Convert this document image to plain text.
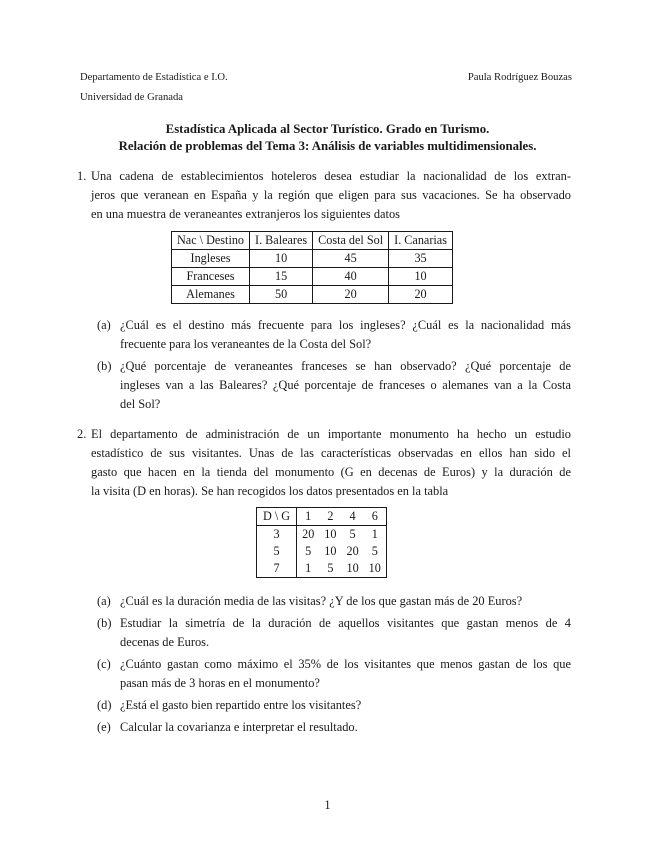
Departamento de Estadística e I.O.
Universidad de Granada
Paula Rodríguez Bouzas
Estadística Aplicada al Sector Turístico. Grado en Turismo.
Relación de problemas del Tema 3: Análisis de variables multidimensionales.
1. Una cadena de establecimientos hoteleros desea estudiar la nacionalidad de los extran-
jeros que veranean en España y la región que eligen para sus vacaciones. Se ha observado
en una muestra de veraneantes extranjeros los siguientes datos
Nac \ Destino	I. Baleares	Costa del Sol	I. Canarias
Ingleses	10	45	35
Franceses	15	40	10
Alemanes	50	20	20
(a) ¿Cuál es el destino más frecuente para los ingleses? ¿Cuál es la nacionalidad más
frecuente para los veraneantes de la Costa del Sol?
(b) ¿Qué porcentaje de veraneantes franceses se han observado? ¿Qué porcentaje de
ingleses van a las Baleares? ¿Qué porcentaje de franceses o alemanes van a la Costa
del Sol?
2. El departamento de administración de un importante monumento ha hecho un estudio
estadístico de sus visitantes. Unas de las características observadas en ellos han sido el
gasto que hacen en la tienda del monumento (G en decenas de Euros) y la duración de
la visita (D en horas). Se han recogidos los datos presentados en la tabla
D \ G	1	2	4	6
3	20	10	5	1
5	5	10	20	5
7	1	5	10	10
(a) ¿Cuál es la duración media de las visitas? ¿Y de los que gastan más de 20 Euros?
(b) Estudiar la simetría de la duración de aquellos visitantes que gastan menos de 4
decenas de Euros.
(c) ¿Cuánto gastan como máximo el 35% de los visitantes que menos gastan de los que
pasan más de 3 horas en el monumento?
(d) ¿Está el gasto bien repartido entre los visitantes?
(e) Calcular la covarianza e interpretar el resultado.
1
